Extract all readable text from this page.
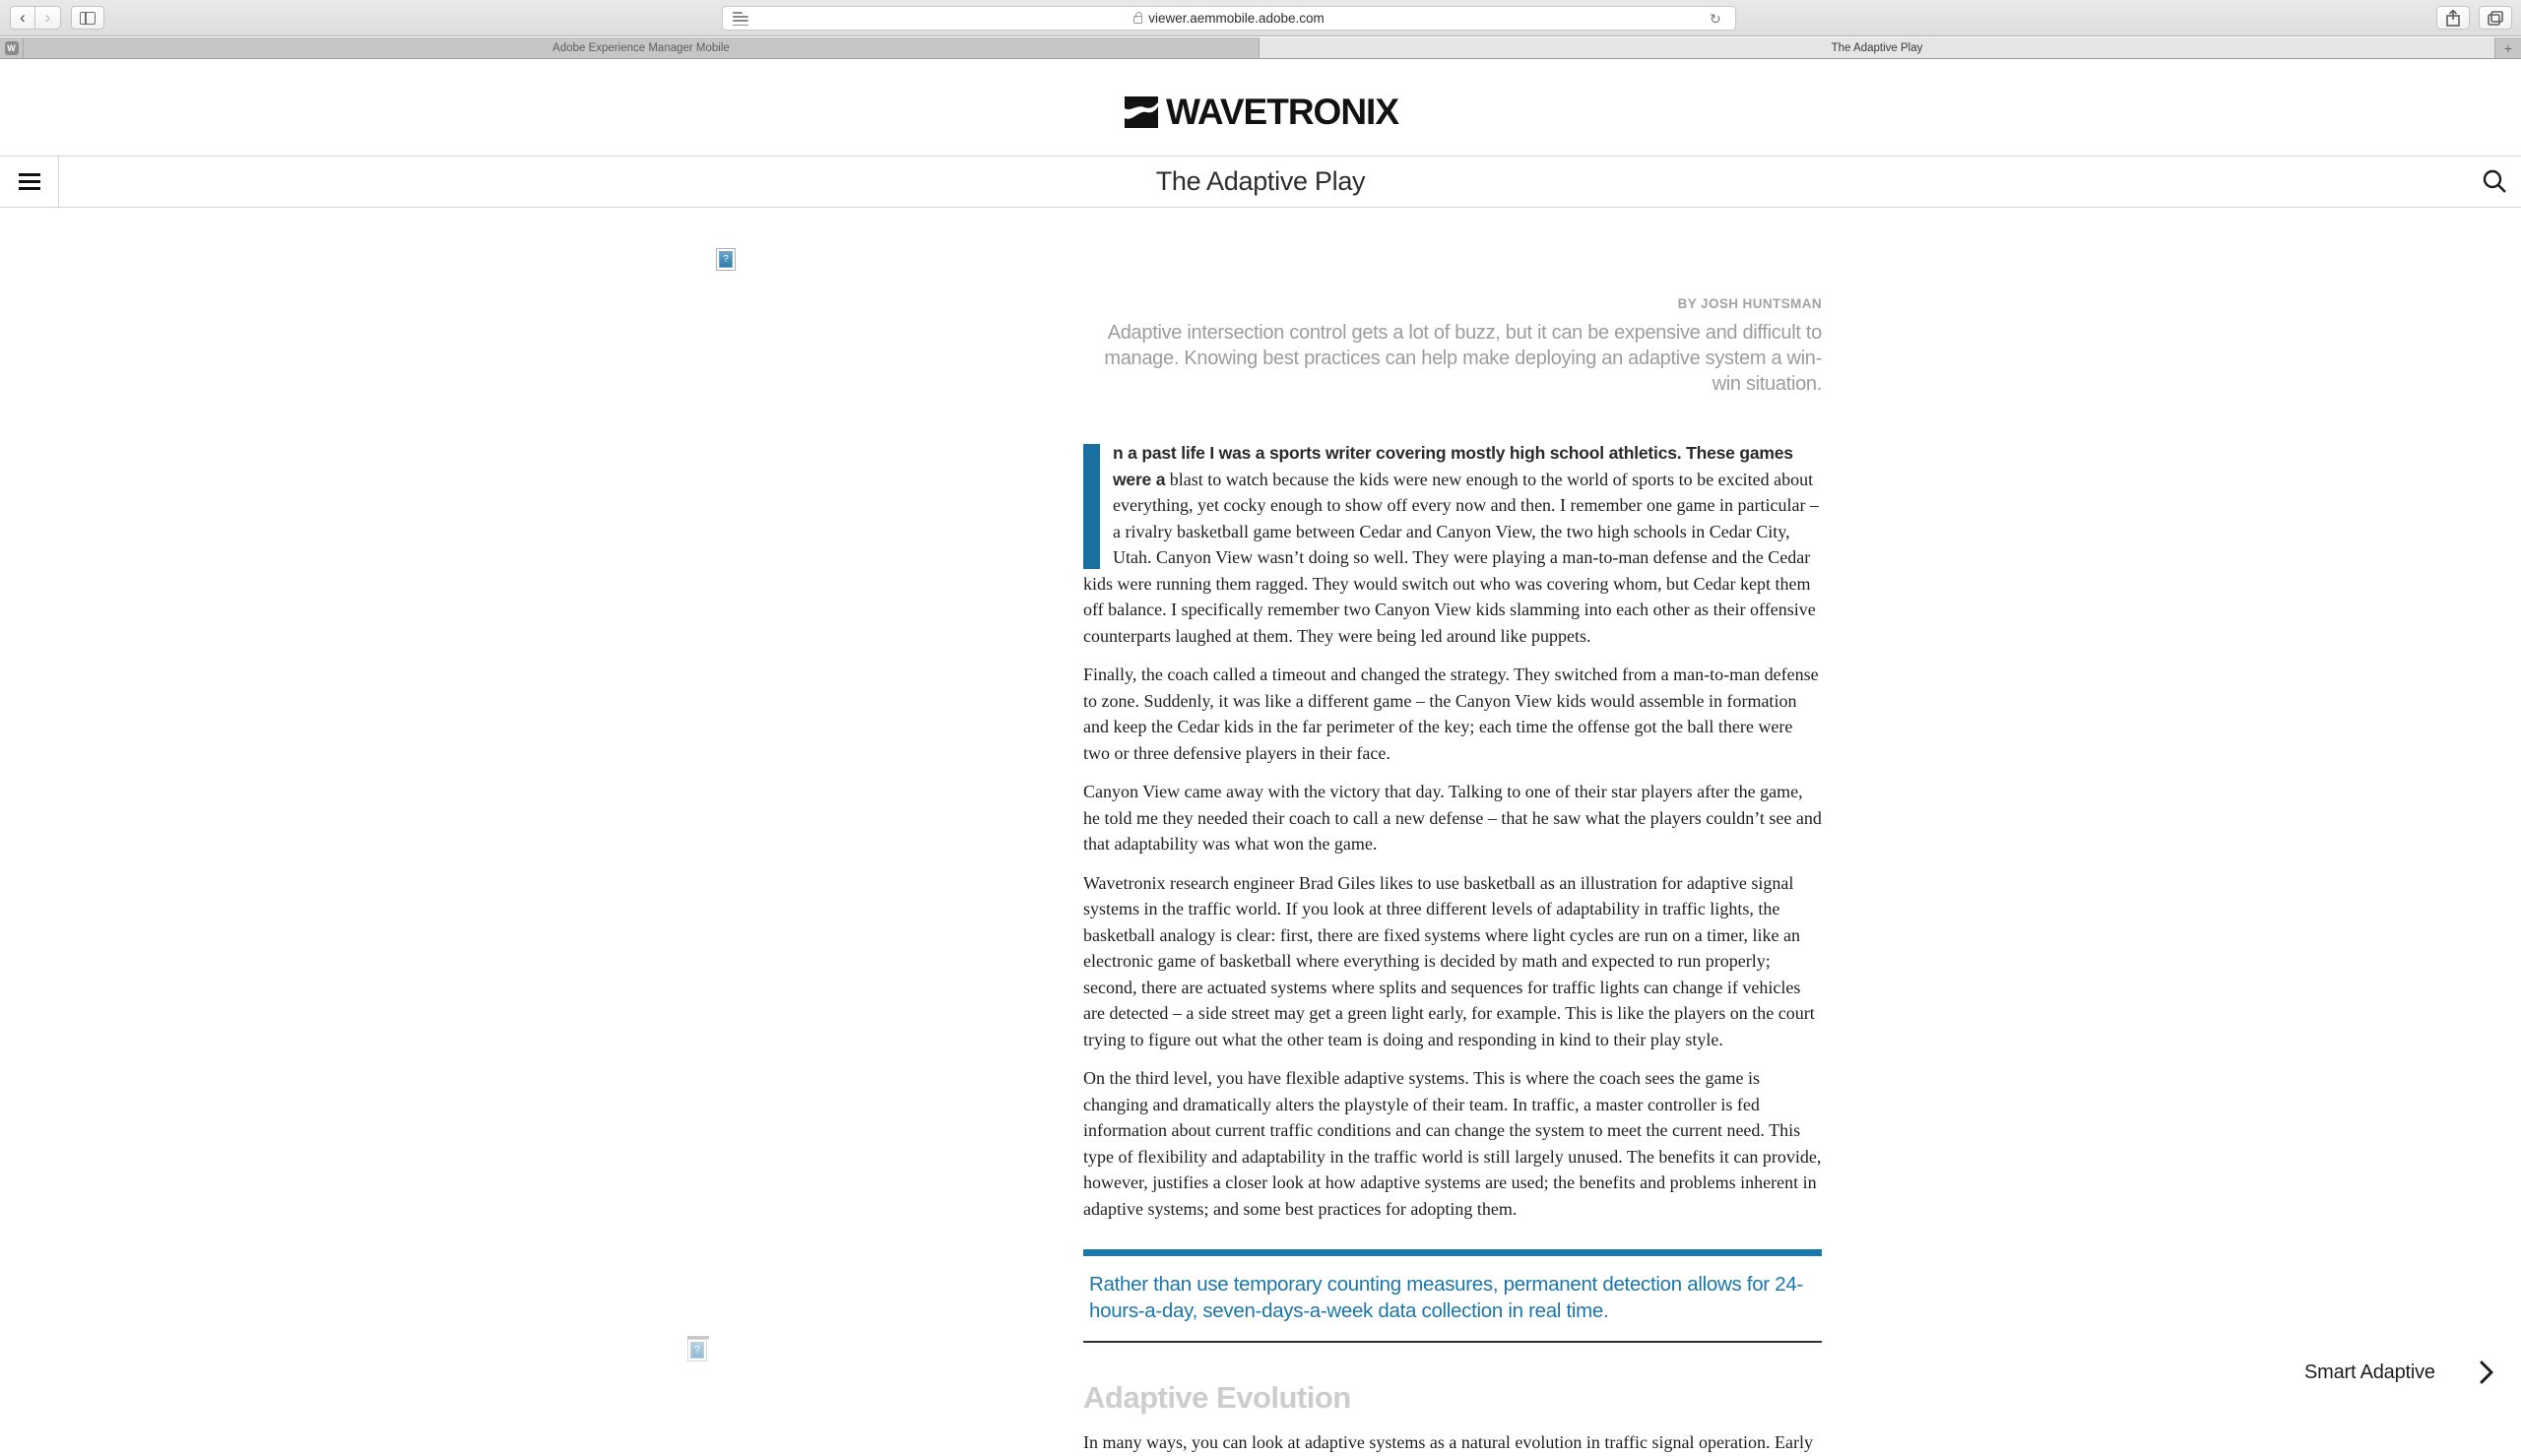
‹	›	viewer.aemmobile.adobe.com	↻
W	Adobe Experience Manager Mobile	The Adaptive Play	+
WAVETRONIX
The Adaptive Play
?
?
BY JOSH HUNTSMAN
Adaptive intersection control gets a lot of buzz, but it can be expensive and difficult to manage. Knowing best practices can help make deploying an adaptive system a win-win situation.

n a past life I was a sports writer covering mostly high school athletics. These games were a blast to watch because the kids were new enough to the world of sports to be excited about everything, yet cocky enough to show off every now and then. I remember one game in particular – a rivalry basketball game between Cedar and Canyon View, the two high schools in Cedar City, Utah. Canyon View wasn’t doing so well. They were playing a man-to-man defense and the Cedar kids were running them ragged. They would switch out who was covering whom, but Cedar kept them off balance. I specifically remember two Canyon View kids slamming into each other as their offensive counterparts laughed at them. They were being led around like puppets.

Finally, the coach called a timeout and changed the strategy. They switched from a man-to-man defense to zone. Suddenly, it was like a different game – the Canyon View kids would assemble in formation and keep the Cedar kids in the far perimeter of the key; each time the offense got the ball there were two or three defensive players in their face.

Canyon View came away with the victory that day. Talking to one of their star players after the game, he told me they needed their coach to call a new defense – that he saw what the players couldn’t see and that adaptability was what won the game.

Wavetronix research engineer Brad Giles likes to use basketball as an illustration for adaptive signal systems in the traffic world. If you look at three different levels of adaptability in traffic lights, the basketball analogy is clear: first, there are fixed systems where light cycles are run on a timer, like an electronic game of basketball where everything is decided by math and expected to run properly; second, there are actuated systems where splits and sequences for traffic lights can change if vehicles are detected – a side street may get a green light early, for example. This is like the players on the court trying to figure out what the other team is doing and responding in kind to their play style.

On the third level, you have flexible adaptive systems. This is where the coach sees the game is changing and dramatically alters the playstyle of their team. In traffic, a master controller is fed information about current traffic conditions and can change the system to meet the current need. This type of flexibility and adaptability in the traffic world is still largely unused. The benefits it can provide, however, justifies a closer look at how adaptive systems are used; the benefits and problems inherent in adaptive systems; and some best practices for adopting them.

Rather than use temporary counting measures, permanent detection allows for 24-hours-a-day, seven-days-a-week data collection in real time.
Adaptive Evolution

In many ways, you can look at adaptive systems as a natural evolution in traffic signal operation. Early

Smart Adaptive
